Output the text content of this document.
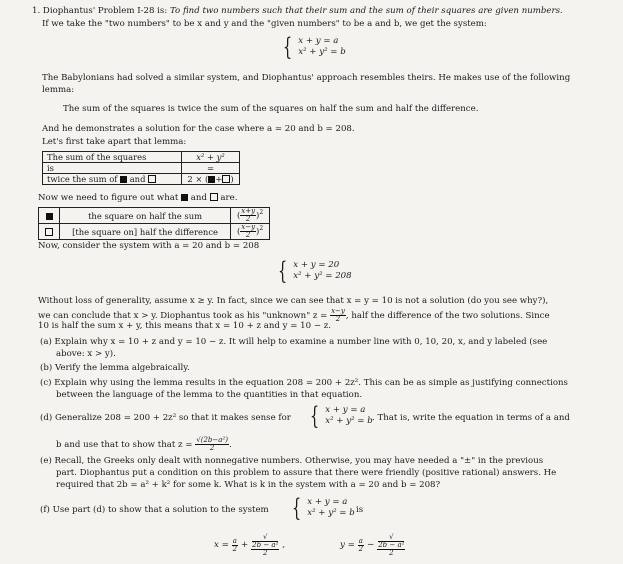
1. Diophantus' Problem I-28 is: To find two numbers such that their sum and the sum of their squares are given numbers.
If we take the "two numbers" to be x and y and the "given numbers" to be a and b, we get the system:
{ x + y = a
x² + y² = b
The Babylonians had solved a similar system, and Diophantus' approach resembles theirs. He makes use of the following
lemma:
The sum of the squares is twice the sum of the squares on half the sum and half the difference.
And he demonstrates a solution for the case where a = 20 and b = 208.
Let's first take apart that lemma:
The sum of the squares	x² + y²
is	=
twice the sum of and	2 × ( + )
Now we need to figure out what and are.
	the square on half the sum	( $\frac{x+y}{2} )^2$
	[the square on] half the difference	( $\frac{x-y}{2} )^2$
Now, consider the system with a = 20 and b = 208
{ x + y = 20
x² + y² = 208
Without loss of generality, assume x ≥ y. In fact, since we can see that x = y = 10 is not a solution (do you see why?),
we can conclude that x > y. Diophantus took as his "unknown" $z = \frac{x-y}{2}$ , half the difference of the two solutions. Since
10 is half the sum x + y, this means that x = 10 + z and y = 10 − z.
(a) Explain why x = 10 + z and y = 10 − z. It will help to examine a number line with 0, 10, 20, x, and y labeled (see
above: x > y).
(b) Verify the lemma algebraically.
(c) Explain why using the lemma results in the equation 208 = 200 + 2z². This can be as simple as justifying connections
between the language of the lemma to the quantities in that equation.
(d) Generalize 208 = 200 + 2z² so that it makes sense for { x + y = a
x² + y² = b . That is, write the equation in terms of a and
b and use that to show that $z = \frac{\text{√(2b−a²)}}{2}$ .
(e) Recall, the Greeks only dealt with nonnegative numbers. Otherwise, you may have needed a "±" in the previous
part. Diophantus put a condition on this problem to assure that there were friendly (positive rational) answers. He
required that 2b = a² + k² for some k. What is k in the system with a = 20 and b = 208?
(f) Use part (d) to show that a solution to the system { x + y = a
x² + y² = b is
$x = \frac{a}{2}$ + √
2b − a²
2 ,	$y = \frac{a}{2}$ − √
2b − a²
2
